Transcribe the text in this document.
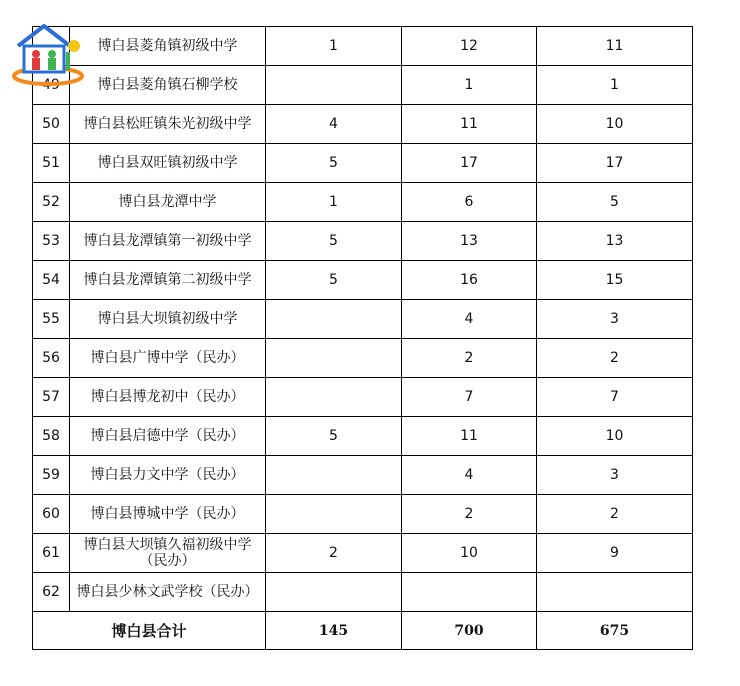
	博白县菱角镇初级中学	1	12	11
49	博白县菱角镇石柳学校		1	1
50	博白县松旺镇朱光初级中学	4	11	10
51	博白县双旺镇初级中学	5	17	17
52	博白县龙潭中学	1	6	5
53	博白县龙潭镇第一初级中学	5	13	13
54	博白县龙潭镇第二初级中学	5	16	15
55	博白县大坝镇初级中学		4	3
56	博白县广博中学（民办）		2	2
57	博白县博龙初中（民办）		7	7
58	博白县启德中学（民办）	5	11	10
59	博白县力文中学（民办）		4	3
60	博白县博城中学（民办）		2	2
61	博白县大坝镇久福初级中学（民办）	2	10	9
62	博白县少林文武学校（民办）			
博白县合计		145	700	675
